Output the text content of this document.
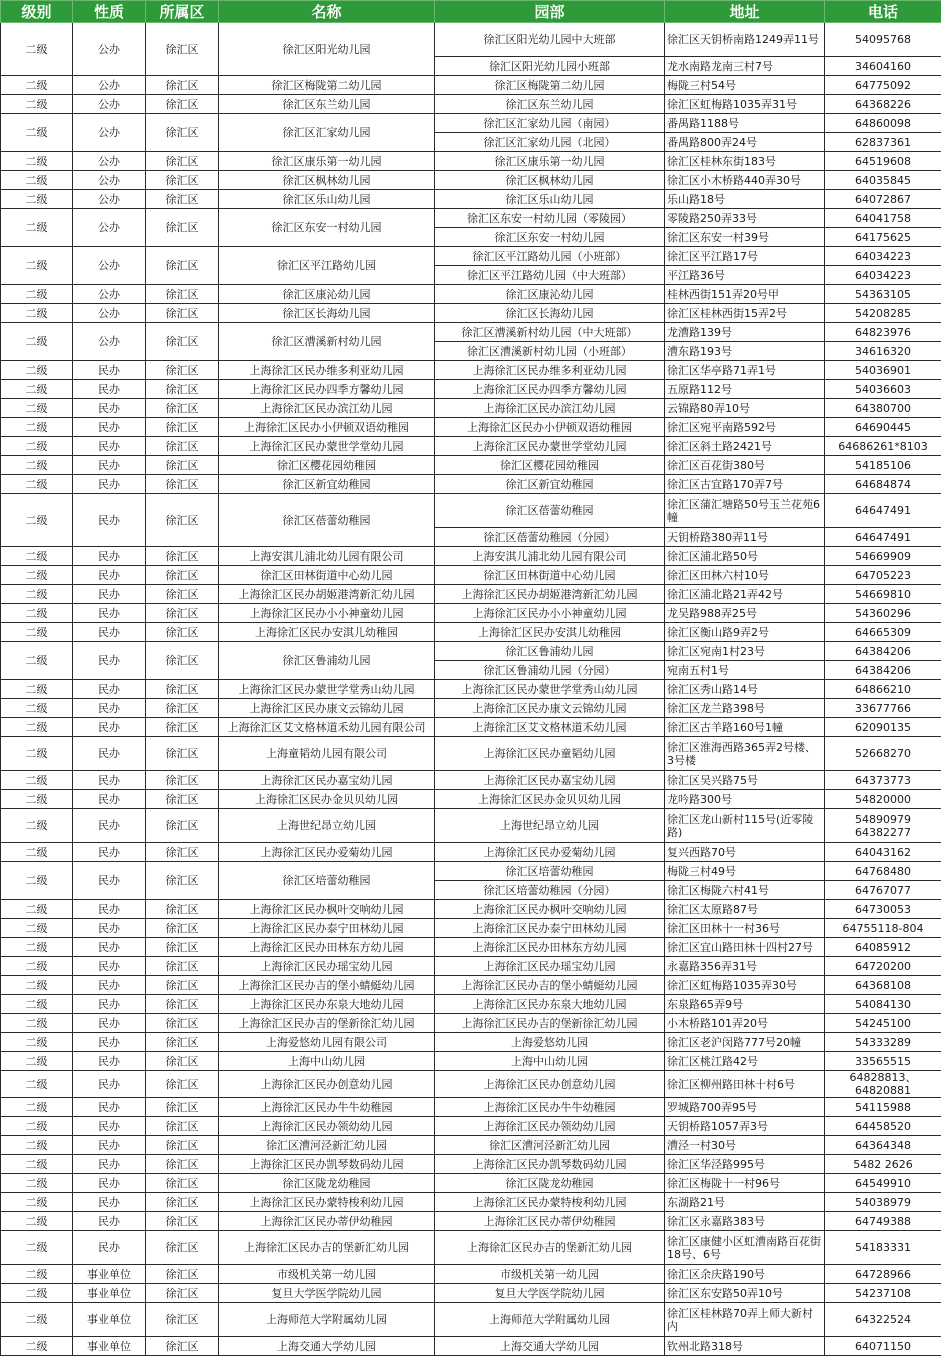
级别	性质	所属区	名称	园部	地址	电话
二级	公办	徐汇区	徐汇区阳光幼儿园	徐汇区阳光幼儿园中大班部	徐汇区天钥桥南路1249弄11号	54095768
				徐汇区阳光幼儿园小班部	龙水南路龙南三村7号	34604160
二级	公办	徐汇区	徐汇区梅陇第二幼儿园	徐汇区梅陇第二幼儿园	梅陇三村54号	64775092
二级	公办	徐汇区	徐汇区东兰幼儿园	徐汇区东兰幼儿园	徐汇区虹梅路1035弄31号	64368226
二级	公办	徐汇区	徐汇区汇家幼儿园	徐汇区汇家幼儿园（南园）	番禺路1188号	64860098
				徐汇区汇家幼儿园（北园）	番禺路800弄24号	62837361
二级	公办	徐汇区	徐汇区康乐第一幼儿园	徐汇区康乐第一幼儿园	徐汇区桂林东街183号	64519608
二级	公办	徐汇区	徐汇区枫林幼儿园	徐汇区枫林幼儿园	徐汇区小木桥路440弄30号	64035845
二级	公办	徐汇区	徐汇区乐山幼儿园	徐汇区乐山幼儿园	乐山路18号	64072867
二级	公办	徐汇区	徐汇区东安一村幼儿园	徐汇区东安一村幼儿园（零陵园）	零陵路250弄33号	64041758
				徐汇区东安一村幼儿园	徐汇区东安一村39号	64175625
二级	公办	徐汇区	徐汇区平江路幼儿园	徐汇区平江路幼儿园（小班部）	徐汇区平江路17号	64034223
				徐汇区平江路幼儿园（中大班部）	平江路36号	64034223
二级	公办	徐汇区	徐汇区康沁幼儿园	徐汇区康沁幼儿园	桂林西街151弄20号甲	54363105
二级	公办	徐汇区	徐汇区长海幼儿园	徐汇区长海幼儿园	徐汇区桂林西街15弄2号	54208285
二级	公办	徐汇区	徐汇区漕溪新村幼儿园	徐汇区漕溪新村幼儿园（中大班部）	龙漕路139号	64823976
				徐汇区漕溪新村幼儿园（小班部）	漕东路193号	34616320
二级	民办	徐汇区	上海徐汇区民办维多利亚幼儿园	上海徐汇区民办维多利亚幼儿园	徐汇区华亭路71弄1号	54036901
二级	民办	徐汇区	上海徐汇区民办四季方馨幼儿园	上海徐汇区民办四季方馨幼儿园	五原路112号	54036603
二级	民办	徐汇区	上海徐汇区民办滨江幼儿园	上海徐汇区民办滨江幼儿园	云锦路80弄10号	64380700
二级	民办	徐汇区	上海徐汇区民办小伊顿双语幼稚园	上海徐汇区民办小伊顿双语幼稚园	徐汇区宛平南路592号	64690445
二级	民办	徐汇区	上海徐汇区民办蒙世学堂幼儿园	上海徐汇区民办蒙世学堂幼儿园	徐汇区斜土路2421号	64686261*8103
二级	民办	徐汇区	徐汇区樱花园幼稚园	徐汇区樱花园幼稚园	徐汇区百花街380号	54185106
二级	民办	徐汇区	徐汇区新宜幼稚园	徐汇区新宜幼稚园	徐汇区古宜路170弄7号	64684874
二级	民办	徐汇区	徐汇区蓓蕾幼稚园	徐汇区蓓蕾幼稚园	徐汇区蒲汇塘路50号玉兰花苑6幢	64647491
				徐汇区蓓蕾幼稚园（分园）	天钥桥路380弄11号	64647491
二级	民办	徐汇区	上海安淇儿浦北幼儿园有限公司	上海安淇儿浦北幼儿园有限公司	徐汇区浦北路50号	54669909
二级	民办	徐汇区	徐汇区田林街道中心幼儿园	徐汇区田林街道中心幼儿园	徐汇区田林六村10号	64705223
二级	民办	徐汇区	上海徐汇区民办胡姬港湾新汇幼儿园	上海徐汇区民办胡姬港湾新汇幼儿园	徐汇区浦北路21弄42号	54669810
二级	民办	徐汇区	上海徐汇区民办小小神童幼儿园	上海徐汇区民办小小神童幼儿园	龙吴路988弄25号	54360296
二级	民办	徐汇区	上海徐汇区民办安淇儿幼稚园	上海徐汇区民办安淇儿幼稚园	徐汇区衡山路9弄2号	64665309
二级	民办	徐汇区	徐汇区鲁浦幼儿园	徐汇区鲁浦幼儿园	徐汇区宛南1村23号	64384206
				徐汇区鲁浦幼儿园（分园）	宛南五村1号	64384206
二级	民办	徐汇区	上海徐汇区民办蒙世学堂秀山幼儿园	上海徐汇区民办蒙世学堂秀山幼儿园	徐汇区秀山路14号	64866210
二级	民办	徐汇区	上海徐汇区民办康文云锦幼儿园	上海徐汇区民办康文云锦幼儿园	徐汇区龙兰路398号	33677766
二级	民办	徐汇区	上海徐汇区艾文格林道禾幼儿园有限公司	上海徐汇区艾文格林道禾幼儿园	徐汇区古羊路160号1幢	62090135
二级	民办	徐汇区	上海童韬幼儿园有限公司	上海徐汇区民办童韬幼儿园	徐汇区淮海西路365弄2号楼、3号楼	52668270
二级	民办	徐汇区	上海徐汇区民办嘉宝幼儿园	上海徐汇区民办嘉宝幼儿园	徐汇区吴兴路75号	64373773
二级	民办	徐汇区	上海徐汇区民办金贝贝幼儿园	上海徐汇区民办金贝贝幼儿园	龙吟路300号	54820000
二级	民办	徐汇区	上海世纪昂立幼儿园	上海世纪昂立幼儿园	徐汇区龙山新村115号(近零陵路)	54890979 64382277
二级	民办	徐汇区	上海徐汇区民办爱菊幼儿园	上海徐汇区民办爱菊幼儿园	复兴西路70号	64043162
二级	民办	徐汇区	徐汇区培蕾幼稚园	徐汇区培蕾幼稚园	梅陇三村49号	64768480
				徐汇区培蕾幼稚园（分园）	徐汇区梅陇六村41号	64767077
二级	民办	徐汇区	上海徐汇区民办枫叶交响幼儿园	上海徐汇区民办枫叶交响幼儿园	徐汇区太原路87号	64730053
二级	民办	徐汇区	上海徐汇区民办泰宁田林幼儿园	上海徐汇区民办泰宁田林幼儿园	徐汇区田林十一村36号	64755118-804
二级	民办	徐汇区	上海徐汇区民办田林东方幼儿园	上海徐汇区民办田林东方幼儿园	徐汇区宜山路田林十四村27号	64085912
二级	民办	徐汇区	上海徐汇区民办瑶宝幼儿园	上海徐汇区民办瑶宝幼儿园	永嘉路356弄31号	64720200
二级	民办	徐汇区	上海徐汇区民办吉的堡小蜻蜓幼儿园	上海徐汇区民办吉的堡小蜻蜓幼儿园	徐汇区虹梅路1035弄30号	64368108
二级	民办	徐汇区	上海徐汇区民办东泉大地幼儿园	上海徐汇区民办东泉大地幼儿园	东泉路65弄9号	54084130
二级	民办	徐汇区	上海徐汇区民办吉的堡新徐汇幼儿园	上海徐汇区民办吉的堡新徐汇幼儿园	小木桥路101弄20号	54245100
二级	民办	徐汇区	上海爱悠幼儿园有限公司	上海爱悠幼儿园	徐汇区老沪闵路777号20幢	54333289
二级	民办	徐汇区	上海中山幼儿园	上海中山幼儿园	徐汇区桃江路42号	33565515
二级	民办	徐汇区	上海徐汇区民办创意幼儿园	上海徐汇区民办创意幼儿园	徐汇区柳州路田林十村6号	64828813、64820881
二级	民办	徐汇区	上海徐汇区民办牛牛幼稚园	上海徐汇区民办牛牛幼稚园	罗城路700弄95号	54115988
二级	民办	徐汇区	上海徐汇区民办领幼幼儿园	上海徐汇区民办领幼幼儿园	天钥桥路1057弄3号	64458520
二级	民办	徐汇区	徐汇区漕河泾新汇幼儿园	徐汇区漕河泾新汇幼儿园	漕泾一村30号	64364348
二级	民办	徐汇区	上海徐汇区民办凯琴数码幼儿园	上海徐汇区民办凯琴数码幼儿园	徐汇区华泾路995号	5482 2626
二级	民办	徐汇区	徐汇区陇龙幼稚园	徐汇区陇龙幼稚园	徐汇区梅陇十一村96号	64549910
二级	民办	徐汇区	上海徐汇区民办蒙特梭利幼儿园	上海徐汇区民办蒙特梭利幼儿园	东湖路21号	54038979
二级	民办	徐汇区	上海徐汇区民办蒂伊幼稚园	上海徐汇区民办蒂伊幼稚园	徐汇区永嘉路383号	64749388
二级	民办	徐汇区	上海徐汇区民办吉的堡新汇幼儿园	上海徐汇区民办吉的堡新汇幼儿园	徐汇区康健小区虹漕南路百花街18号、6号	54183331
二级	事业单位	徐汇区	市级机关第一幼儿园	市级机关第一幼儿园	徐汇区余庆路190号	64728966
二级	事业单位	徐汇区	复旦大学医学院幼儿园	复旦大学医学院幼儿园	徐汇区东安路50弄10号	54237108
二级	事业单位	徐汇区	上海师范大学附属幼儿园	上海师范大学附属幼儿园	徐汇区桂林路70弄上师大新村内	64322524
二级	事业单位	徐汇区	上海交通大学幼儿园	上海交通大学幼儿园	钦州北路318号	64071150
